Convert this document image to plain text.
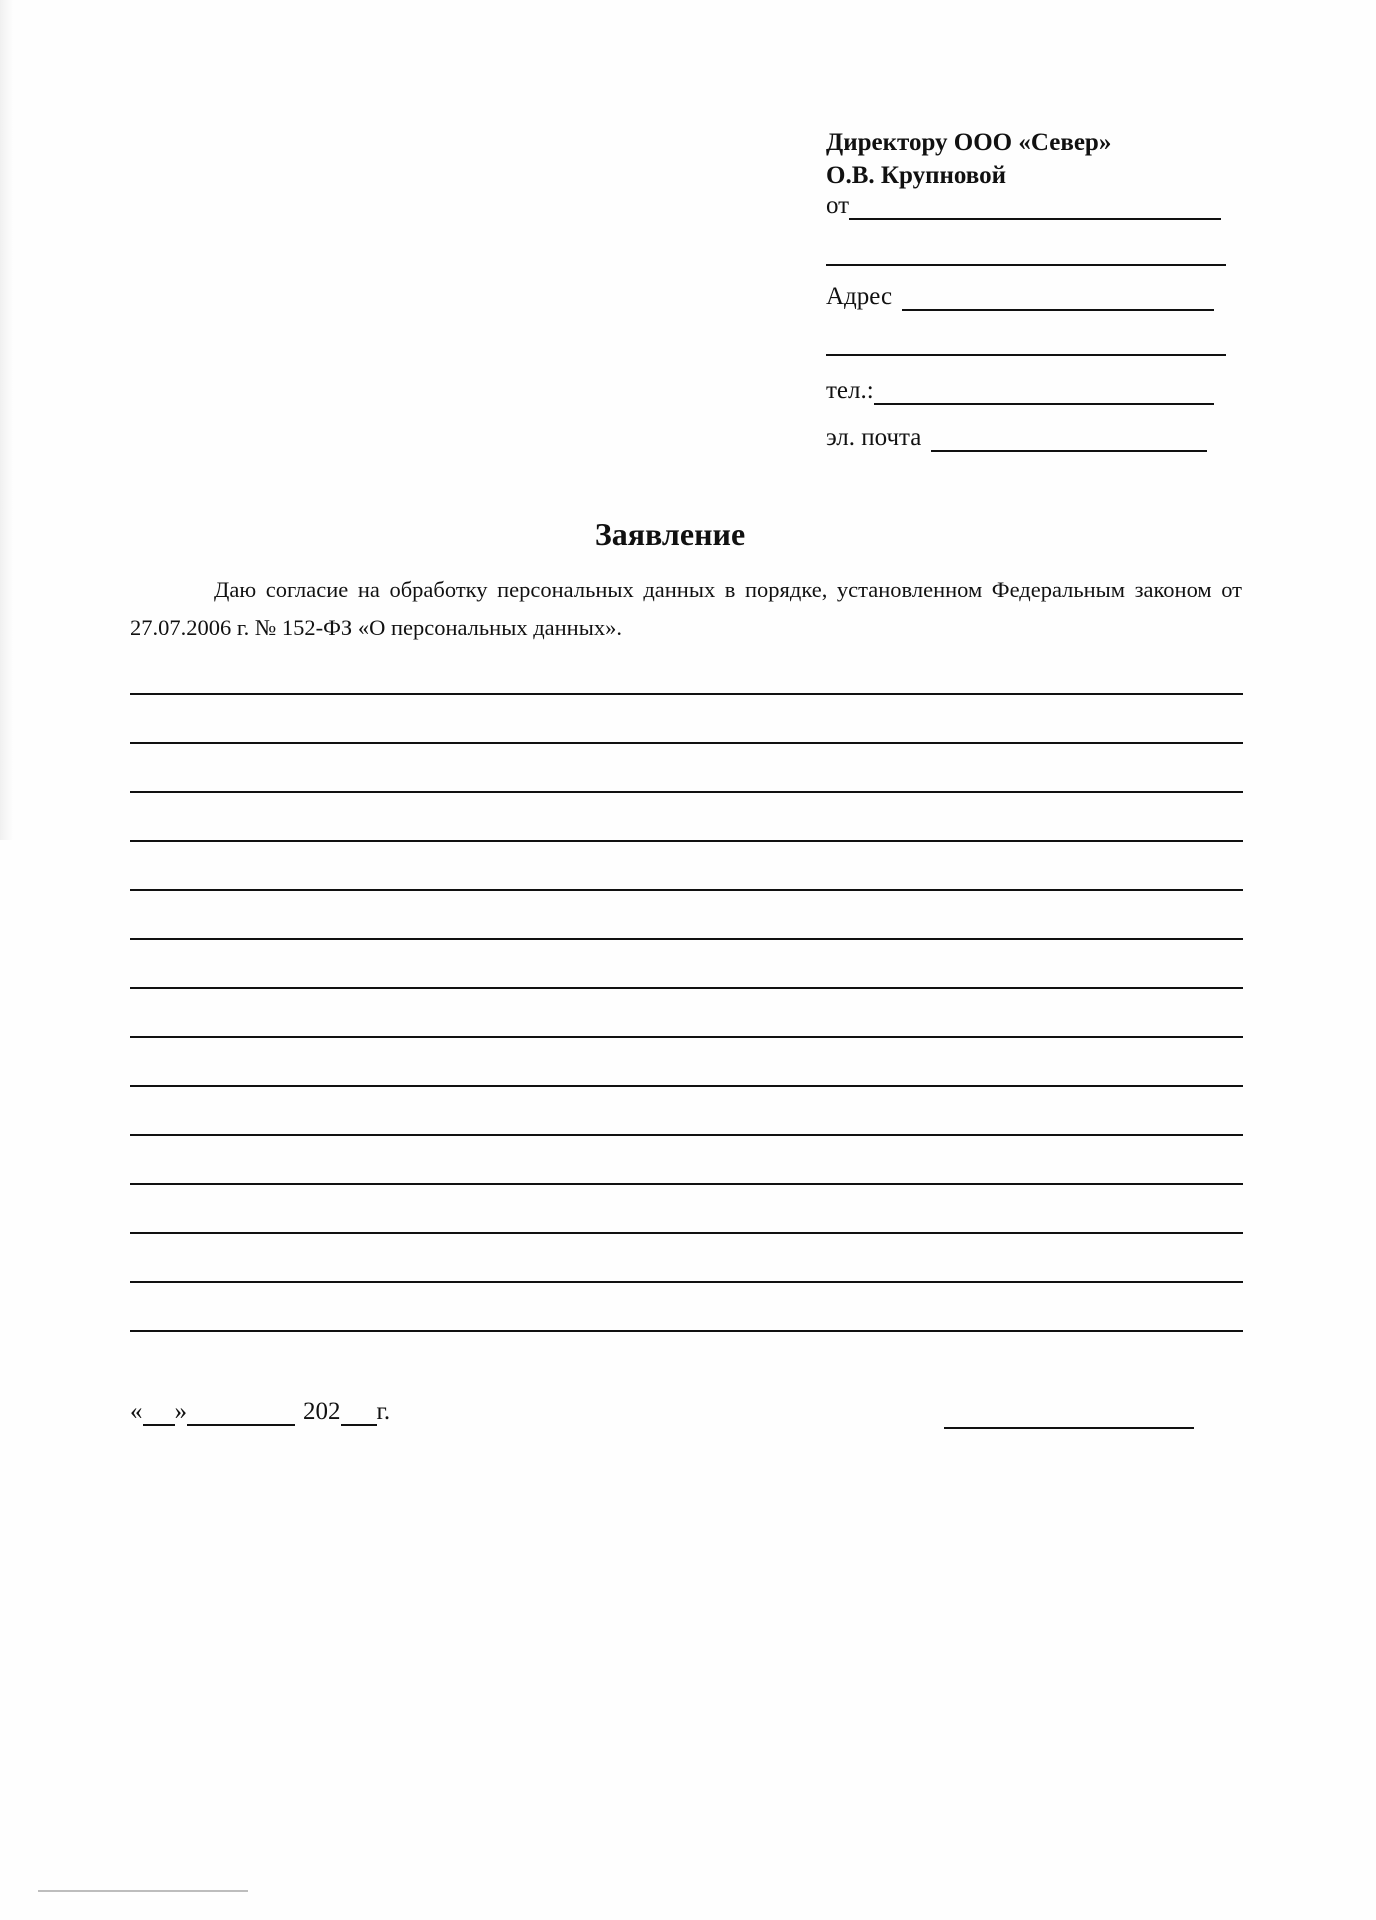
Директору ООО «Север»
О.В. Крупновой
от
Адрес
тел.:
эл. почта
Заявление
Даю согласие на обработку персональных данных в порядке, установленном Федеральным законом от 27.07.2006 г. № 152-ФЗ «О персональных данных».
« »	202 г.
